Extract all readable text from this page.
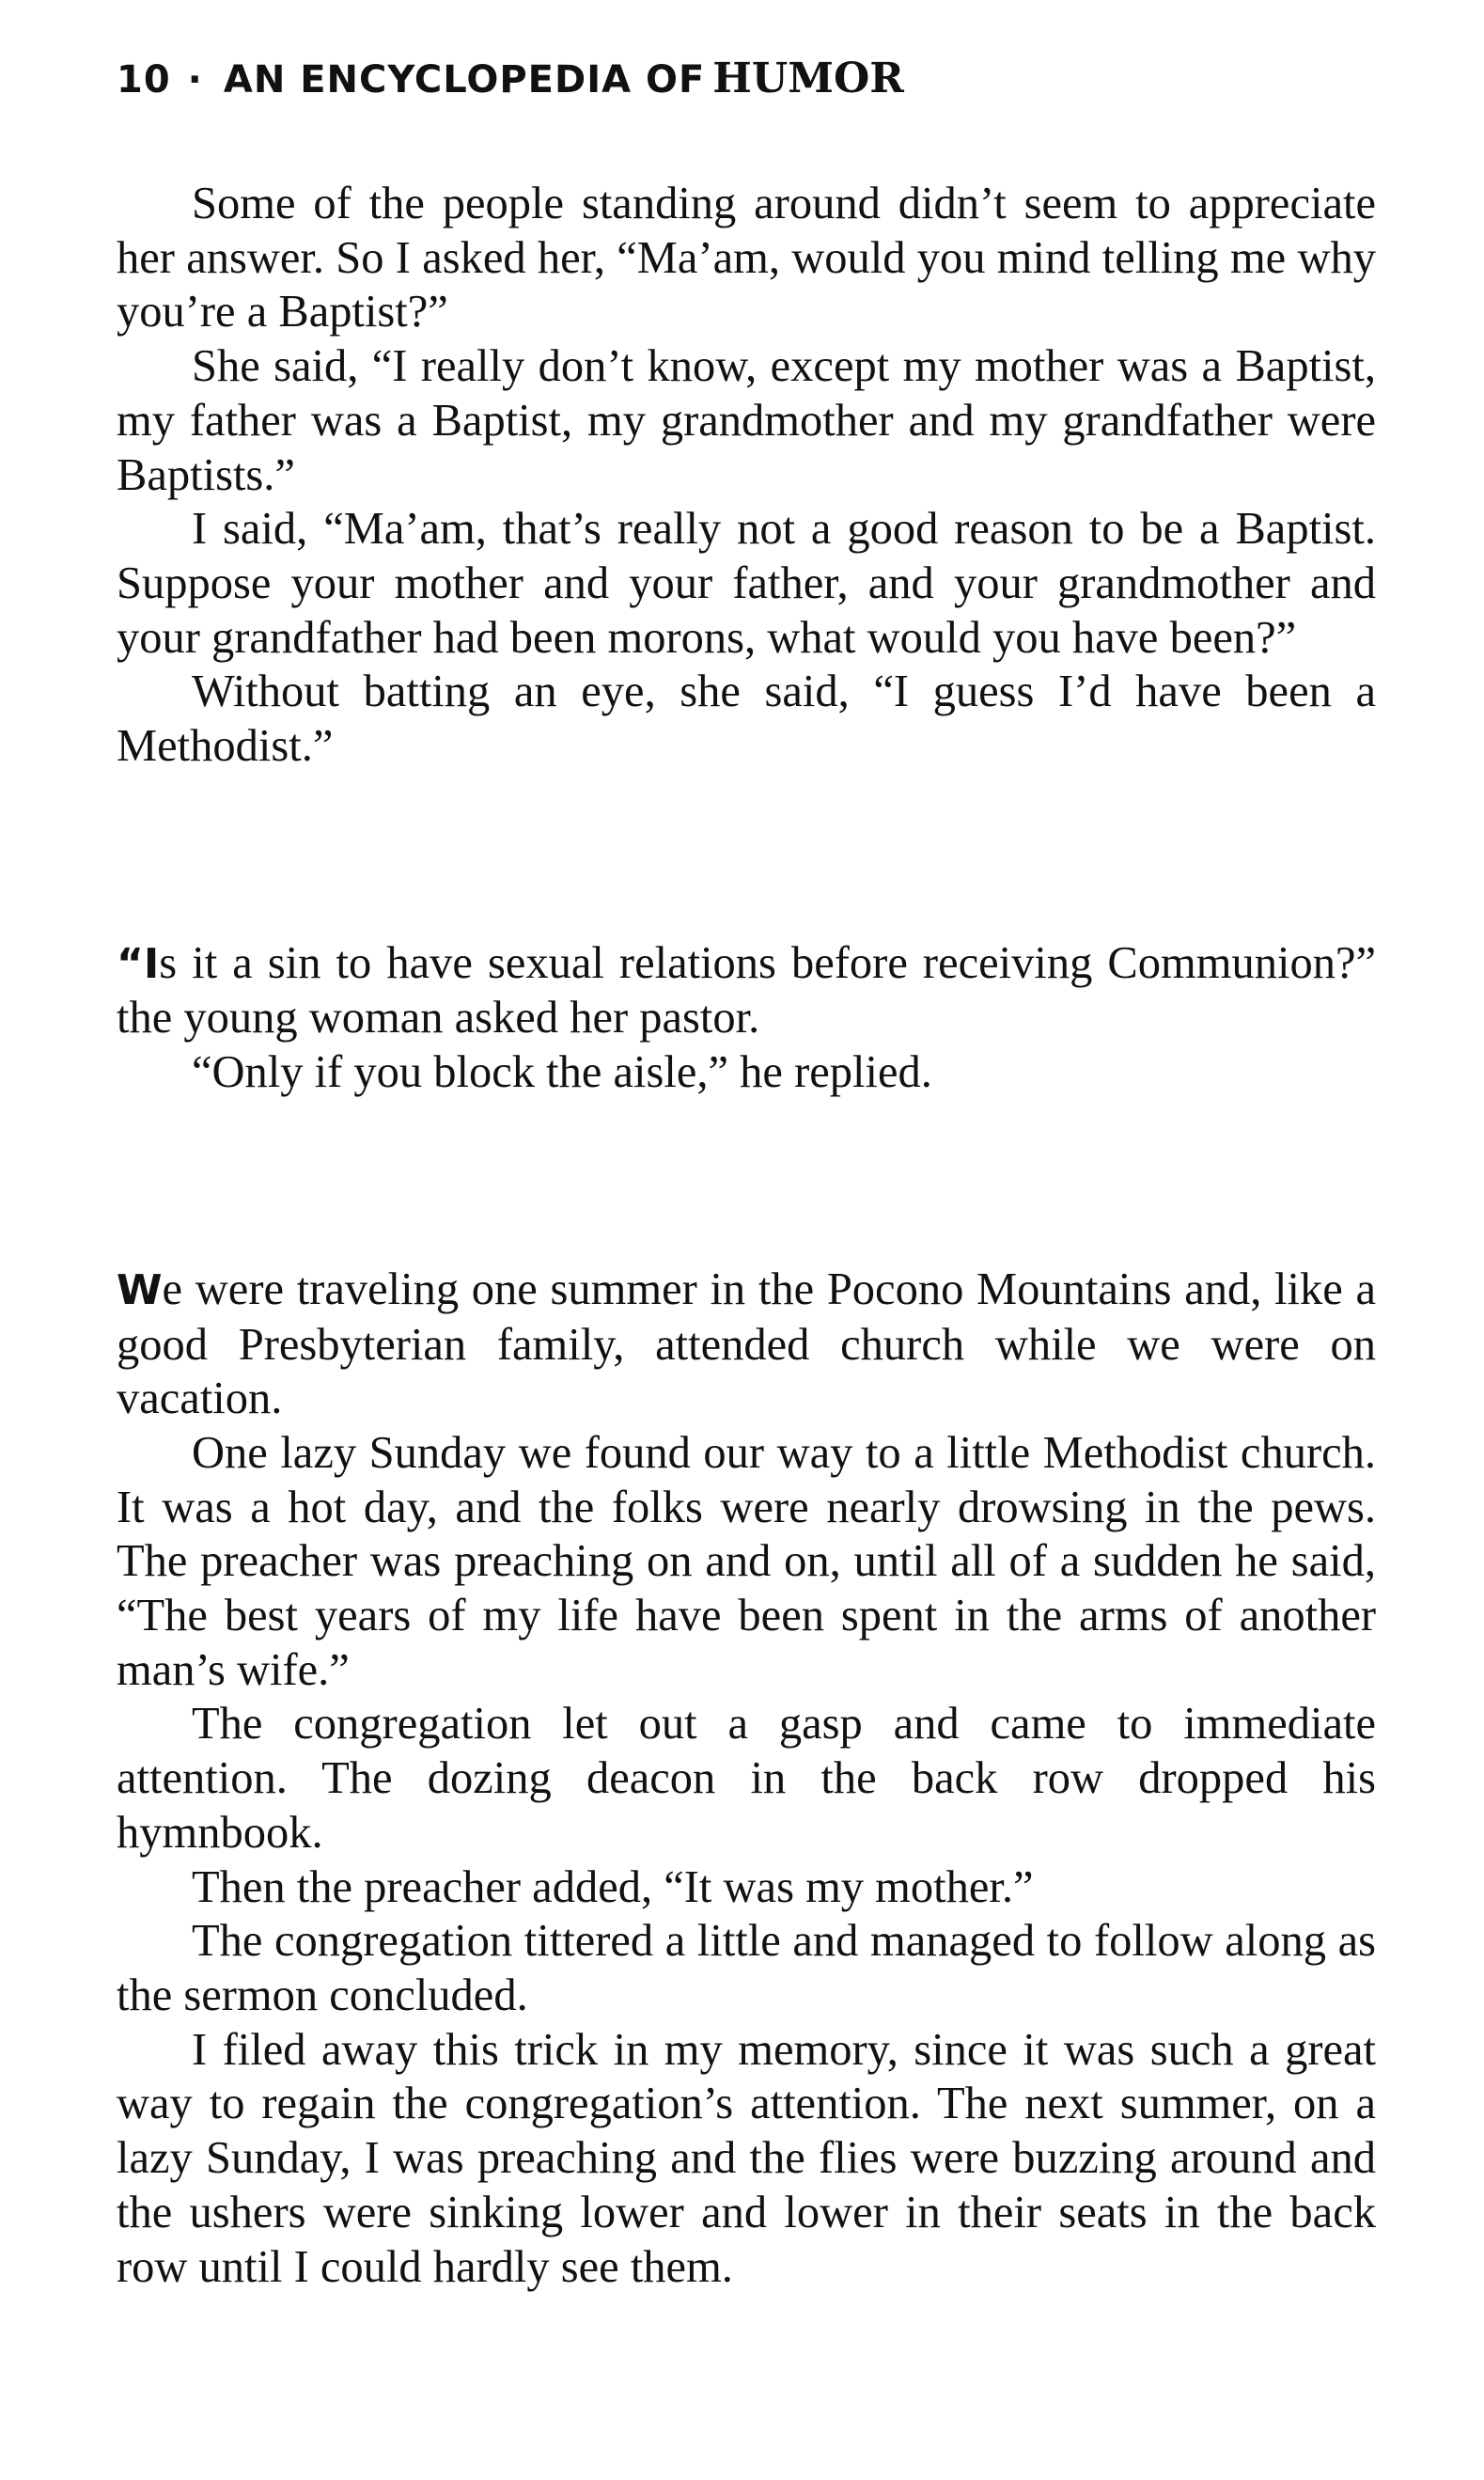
10 · AN ENCYCLOPEDIA OF HUMOR

Some of the people standing around didn’t seem to appreciate her answer. So I asked her, “Ma’am, would you mind telling me why you’re a Baptist?”

She said, “I really don’t know, except my mother was a Baptist, my father was a Baptist, my grandmother and my grandfather were Baptists.”

I said, “Ma’am, that’s really not a good reason to be a Baptist. Suppose your mother and your father, and your grandmother and your grandfather had been morons, what would you have been?”

Without batting an eye, she said, “I guess I’d have been a Methodist.”

“Is it a sin to have sexual relations before receiving Communion?” the young woman asked her pastor.

“Only if you block the aisle,” he replied.

We were traveling one summer in the Pocono Mountains and, like a good Presbyterian family, attended church while we were on vacation.

One lazy Sunday we found our way to a little Methodist church. It was a hot day, and the folks were nearly drowsing in the pews. The preacher was preaching on and on, until all of a sudden he said, “The best years of my life have been spent in the arms of another man’s wife.”

The congregation let out a gasp and came to immediate attention. The dozing deacon in the back row dropped his hymnbook.

Then the preacher added, “It was my mother.”

The congregation tittered a little and managed to follow along as the sermon concluded.

I filed away this trick in my memory, since it was such a great way to regain the congregation’s attention. The next summer, on a lazy Sunday, I was preaching and the flies were buzzing around and the ushers were sinking lower and lower in their seats in the back row until I could hardly see them.
